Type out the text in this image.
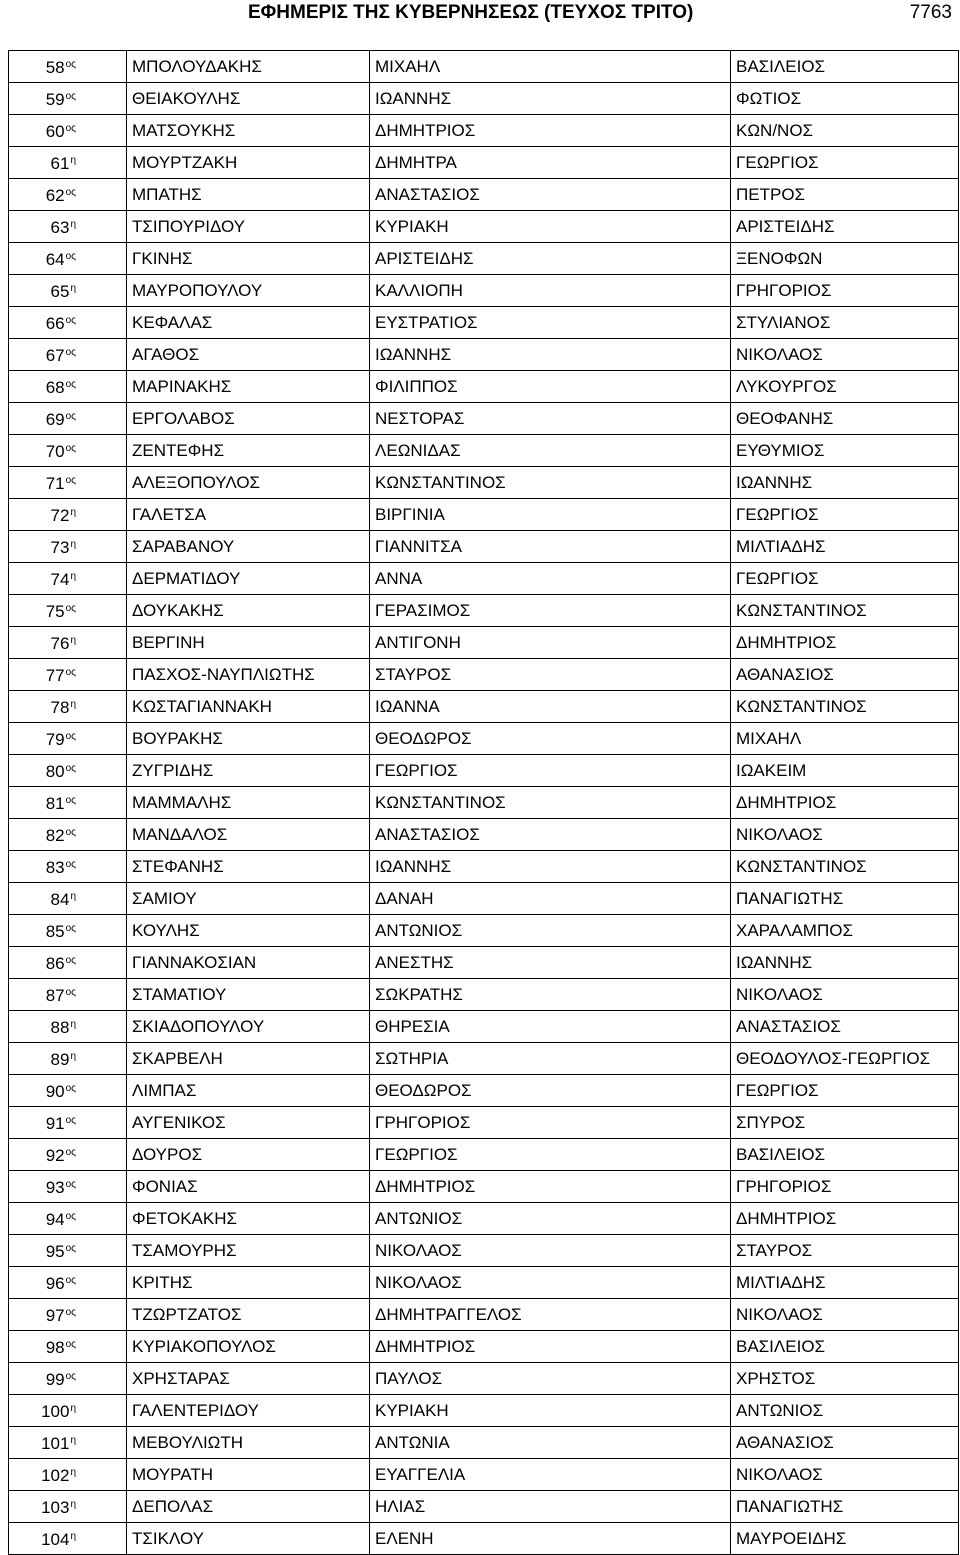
ΕΦΗΜΕΡΙΣ ΤΗΣ ΚΥΒΕΡΝΗΣΕΩΣ (ΤΕΥΧΟΣ ΤΡΙΤΟ)	7763
$58^{o\varsigma}$	ΜΠΟΛΟΥΔΑΚΗΣ	ΜΙΧΑΗΛ	ΒΑΣΙΛΕΙΟΣ
$59^{o\varsigma}$	ΘΕΙΑΚΟΥΛΗΣ	ΙΩΑΝΝΗΣ	ΦΩΤΙΟΣ
$60^{o\varsigma}$	ΜΑΤΣΟΥΚΗΣ	ΔΗΜΗΤΡΙΟΣ	ΚΩΝ/ΝΟΣ
$61^\eta$	ΜΟΥΡΤΖΑΚΗ	ΔΗΜΗΤΡΑ	ΓΕΩΡΓΙΟΣ
$62^{o\varsigma}$	ΜΠΑΤΗΣ	ΑΝΑΣΤΑΣΙΟΣ	ΠΕΤΡΟΣ
$63^\eta$	ΤΣΙΠΟΥΡΙΔΟΥ	ΚΥΡΙΑΚΗ	ΑΡΙΣΤΕΙΔΗΣ
$64^{o\varsigma}$	ΓΚΙΝΗΣ	ΑΡΙΣΤΕΙΔΗΣ	ΞΕΝΟΦΩΝ
$65^\eta$	ΜΑΥΡΟΠΟΥΛΟΥ	ΚΑΛΛΙΟΠΗ	ΓΡΗΓΟΡΙΟΣ
$66^{o\varsigma}$	ΚΕΦΑΛΑΣ	ΕΥΣΤΡΑΤΙΟΣ	ΣΤΥΛΙΑΝΟΣ
$67^{o\varsigma}$	ΑΓΑΘΟΣ	ΙΩΑΝΝΗΣ	ΝΙΚΟΛΑΟΣ
$68^{o\varsigma}$	ΜΑΡΙΝΑΚΗΣ	ΦΙΛΙΠΠΟΣ	ΛΥΚΟΥΡΓΟΣ
$69^{o\varsigma}$	ΕΡΓΟΛΑΒΟΣ	ΝΕΣΤΟΡΑΣ	ΘΕΟΦΑΝΗΣ
$70^{o\varsigma}$	ΖΕΝΤΕΦΗΣ	ΛΕΩΝΙΔΑΣ	ΕΥΘΥΜΙΟΣ
$71^{o\varsigma}$	ΑΛΕΞΟΠΟΥΛΟΣ	ΚΩΝΣΤΑΝΤΙΝΟΣ	ΙΩΑΝΝΗΣ
$72^\eta$	ΓΑΛΕΤΣΑ	ΒΙΡΓΙΝΙΑ	ΓΕΩΡΓΙΟΣ
$73^\eta$	ΣΑΡΑΒΑΝΟΥ	ΓΙΑΝΝΙΤΣΑ	ΜΙΛΤΙΑΔΗΣ
$74^\eta$	ΔΕΡΜΑΤΙΔΟΥ	ΑΝΝΑ	ΓΕΩΡΓΙΟΣ
$75^{o\varsigma}$	ΔΟΥΚΑΚΗΣ	ΓΕΡΑΣΙΜΟΣ	ΚΩΝΣΤΑΝΤΙΝΟΣ
$76^\eta$	ΒΕΡΓΙΝΗ	ΑΝΤΙΓΟΝΗ	ΔΗΜΗΤΡΙΟΣ
$77^{o\varsigma}$	ΠΑΣΧΟΣ-ΝΑΥΠΛΙΩΤΗΣ	ΣΤΑΥΡΟΣ	ΑΘΑΝΑΣΙΟΣ
$78^\eta$	ΚΩΣΤΑΓΙΑΝΝΑΚΗ	ΙΩΑΝΝΑ	ΚΩΝΣΤΑΝΤΙΝΟΣ
$79^{o\varsigma}$	ΒΟΥΡΑΚΗΣ	ΘΕΟΔΩΡΟΣ	ΜΙΧΑΗΛ
$80^{o\varsigma}$	ΖΥΓΡΙΔΗΣ	ΓΕΩΡΓΙΟΣ	ΙΩΑΚΕΙΜ
$81^{o\varsigma}$	ΜΑΜΜΑΛΗΣ	ΚΩΝΣΤΑΝΤΙΝΟΣ	ΔΗΜΗΤΡΙΟΣ
$82^{o\varsigma}$	ΜΑΝΔΑΛΟΣ	ΑΝΑΣΤΑΣΙΟΣ	ΝΙΚΟΛΑΟΣ
$83^{o\varsigma}$	ΣΤΕΦΑΝΗΣ	ΙΩΑΝΝΗΣ	ΚΩΝΣΤΑΝΤΙΝΟΣ
$84^\eta$	ΣΑΜΙΟΥ	ΔΑΝΑΗ	ΠΑΝΑΓΙΩΤΗΣ
$85^{o\varsigma}$	ΚΟΥΛΗΣ	ΑΝΤΩΝΙΟΣ	ΧΑΡΑΛΑΜΠΟΣ
$86^{o\varsigma}$	ΓΙΑΝΝΑΚΟΣΙΑΝ	ΑΝΕΣΤΗΣ	ΙΩΑΝΝΗΣ
$87^{o\varsigma}$	ΣΤΑΜΑΤΙΟΥ	ΣΩΚΡΑΤΗΣ	ΝΙΚΟΛΑΟΣ
$88^\eta$	ΣΚΙΑΔΟΠΟΥΛΟΥ	ΘΗΡΕΣΙΑ	ΑΝΑΣΤΑΣΙΟΣ
$89^\eta$	ΣΚΑΡΒΕΛΗ	ΣΩΤΗΡΙΑ	ΘΕΟΔΟΥΛΟΣ-ΓΕΩΡΓΙΟΣ
$90^{o\varsigma}$	ΛΙΜΠΑΣ	ΘΕΟΔΩΡΟΣ	ΓΕΩΡΓΙΟΣ
$91^{o\varsigma}$	ΑΥΓΕΝΙΚΟΣ	ΓΡΗΓΟΡΙΟΣ	ΣΠΥΡΟΣ
$92^{o\varsigma}$	ΔΟΥΡΟΣ	ΓΕΩΡΓΙΟΣ	ΒΑΣΙΛΕΙΟΣ
$93^{o\varsigma}$	ΦΟΝΙΑΣ	ΔΗΜΗΤΡΙΟΣ	ΓΡΗΓΟΡΙΟΣ
$94^{o\varsigma}$	ΦΕΤΟΚΑΚΗΣ	ΑΝΤΩΝΙΟΣ	ΔΗΜΗΤΡΙΟΣ
$95^{o\varsigma}$	ΤΣΑΜΟΥΡΗΣ	ΝΙΚΟΛΑΟΣ	ΣΤΑΥΡΟΣ
$96^{o\varsigma}$	ΚΡΙΤΗΣ	ΝΙΚΟΛΑΟΣ	ΜΙΛΤΙΑΔΗΣ
$97^{o\varsigma}$	ΤΖΩΡΤΖΑΤΟΣ	ΔΗΜΗΤΡΑΓΓΕΛΟΣ	ΝΙΚΟΛΑΟΣ
$98^{o\varsigma}$	ΚΥΡΙΑΚΟΠΟΥΛΟΣ	ΔΗΜΗΤΡΙΟΣ	ΒΑΣΙΛΕΙΟΣ
$99^{o\varsigma}$	ΧΡΗΣΤΑΡΑΣ	ΠΑΥΛΟΣ	ΧΡΗΣΤΟΣ
$100^\eta$	ΓΑΛΕΝΤΕΡΙΔΟΥ	ΚΥΡΙΑΚΗ	ΑΝΤΩΝΙΟΣ
$101^\eta$	ΜΕΒΟΥΛΙΩΤΗ	ΑΝΤΩΝΙΑ	ΑΘΑΝΑΣΙΟΣ
$102^\eta$	ΜΟΥΡΑΤΗ	ΕΥΑΓΓΕΛΙΑ	ΝΙΚΟΛΑΟΣ
$103^\eta$	ΔΕΠΟΛΑΣ	ΗΛΙΑΣ	ΠΑΝΑΓΙΩΤΗΣ
$104^\eta$	ΤΣΙΚΛΟΥ	ΕΛΕΝΗ	ΜΑΥΡΟΕΙΔΗΣ
